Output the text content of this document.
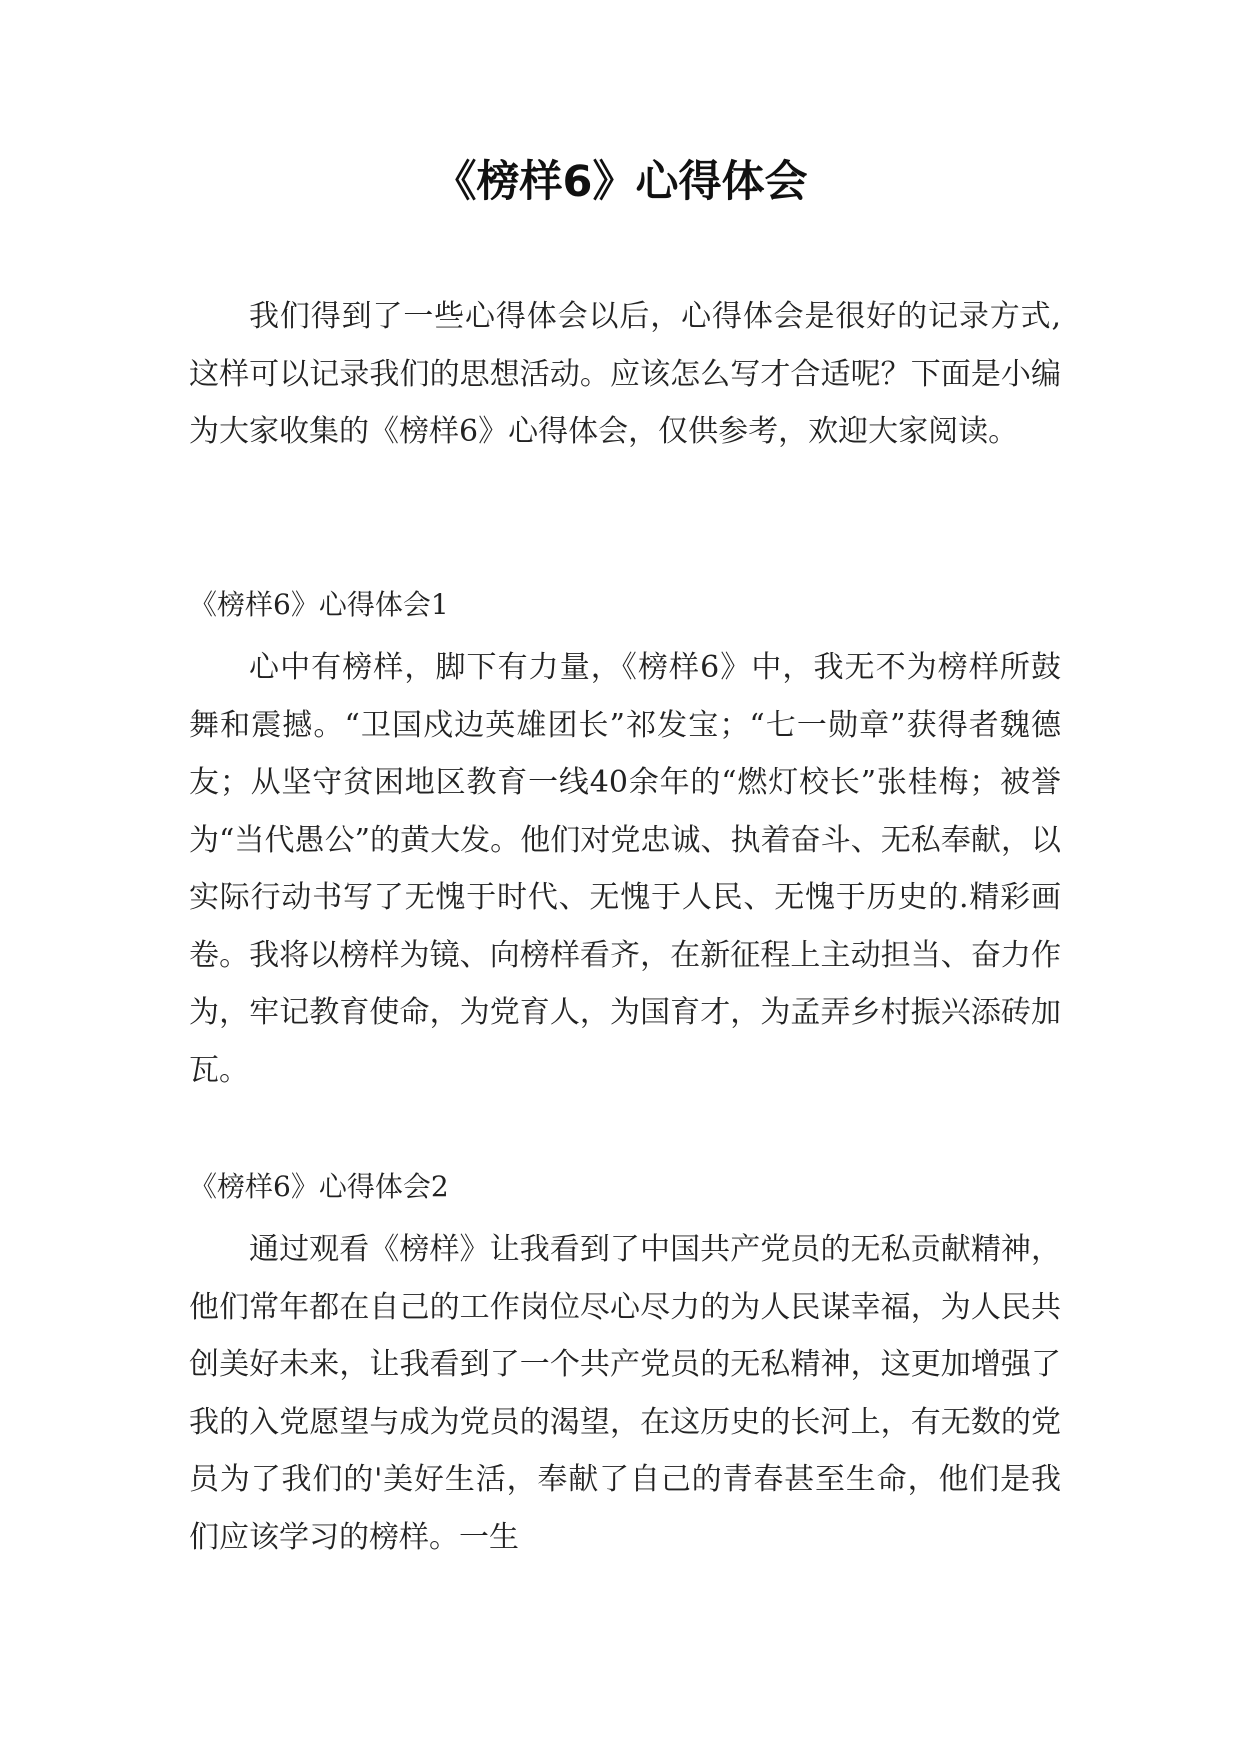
《榜样6》心得体会

我们得到了一些心得体会以后，心得体会是很好的记录方式,这样可以记录我们的思想活动。应该怎么写才合适呢？下面是小编为大家收集的《榜样6》心得体会，仅供参考，欢迎大家阅读。

《榜样6》心得体会1

心中有榜样，脚下有力量，《榜样6》中，我无不为榜样所鼓舞和震撼。“卫国戍边英雄团长”祁发宝；“七一勋章”获得者魏德友；从坚守贫困地区教育一线40余年的“燃灯校长”张桂梅；被誉为“当代愚公”的黄大发。他们对党忠诚、执着奋斗、无私奉献，以实际行动书写了无愧于时代、无愧于人民、无愧于历史的.精彩画卷。我将以榜样为镜、向榜样看齐，在新征程上主动担当、奋力作为，牢记教育使命，为党育人，为国育才，为孟弄乡村振兴添砖加瓦。

《榜样6》心得体会2

通过观看《榜样》让我看到了中国共产党员的无私贡献精神，他们常年都在自己的工作岗位尽心尽力的为人民谋幸福，为人民共创美好未来，让我看到了一个共产党员的无私精神，这更加增强了我的入党愿望与成为党员的渴望，在这历史的长河上，有无数的党员为了我们的'美好生活，奉献了自己的青春甚至生命，他们是我们应该学习的榜样。一生
